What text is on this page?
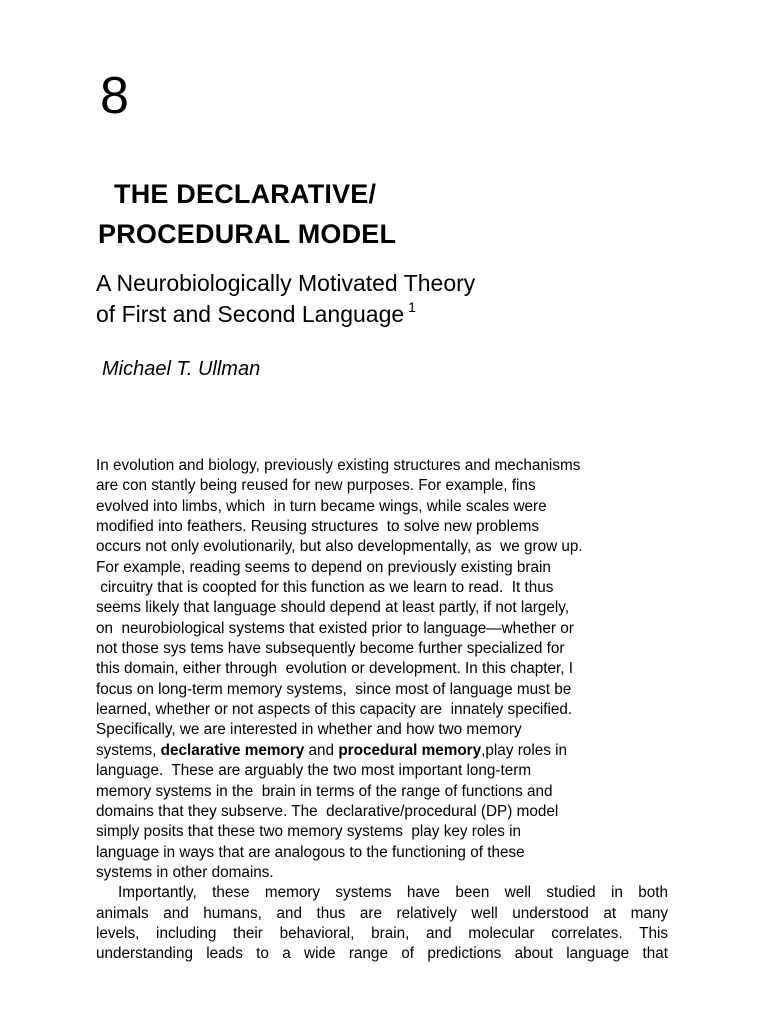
8
THE DECLARATIVE/
PROCEDURAL MODEL
A Neurobiologically Motivated Theory
of First and Second Language $^1$
Michael T. Ullman
In evolution and biology, previously existing structures and mechanisms
are con stantly being reused for new purposes. For example, fins
evolved into limbs, which  in turn became wings, while scales were
modified into feathers. Reusing structures  to solve new problems
occurs not only evolutionarily, but also developmentally, as  we grow up.
For example, reading seems to depend on previously existing brain
circuitry that is coopted for this function as we learn to read.  It thus
seems likely that language should depend at least partly, if not largely,
on  neurobiological systems that existed prior to language—whether or
not those sys tems have subsequently become further specialized for
this domain, either through  evolution or development. In this chapter, I
focus on long-term memory systems,  since most of language must be
learned, whether or not aspects of this capacity are  innately specified.
Specifically, we are interested in whether and how two memory
systems, declarative memory and procedural memory,play roles in
language.  These are arguably the two most important long-term
memory systems in the  brain in terms of the range of functions and
domains that they subserve. The  declarative/procedural (DP) model
simply posits that these two memory systems  play key roles in
language in ways that are analogous to the functioning of these
systems in other domains.
Importantly, these memory systems have been well studied in both
animals and humans, and thus are relatively well understood at many
levels, including their behavioral, brain, and molecular correlates. This
understanding leads to a wide range of predictions about language that
